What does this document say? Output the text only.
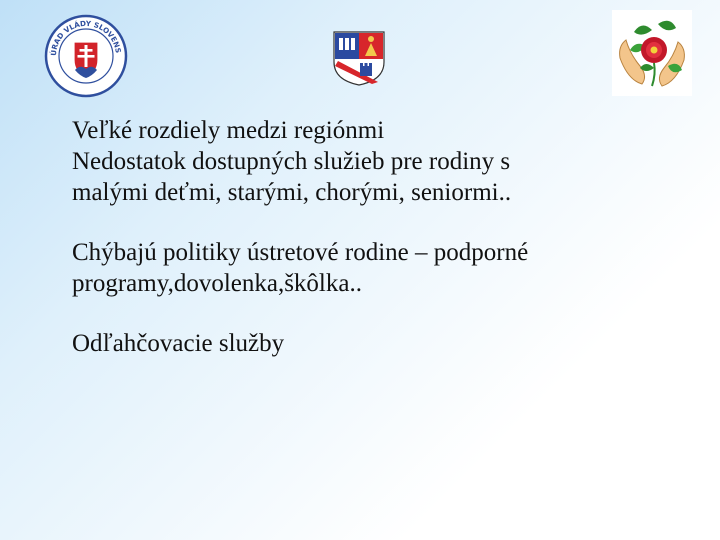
ÚRAD VLÁDY SLOVENS

Veľké rozdiely medzi regiónmi
Nedostatok dostupných služieb pre rodiny s
malými deťmi, starými, chorými, seniormi..

Chýbajú politiky ústretové rodine – podporné
programy,dovolenka,škôlka..

Odľahčovacie služby
